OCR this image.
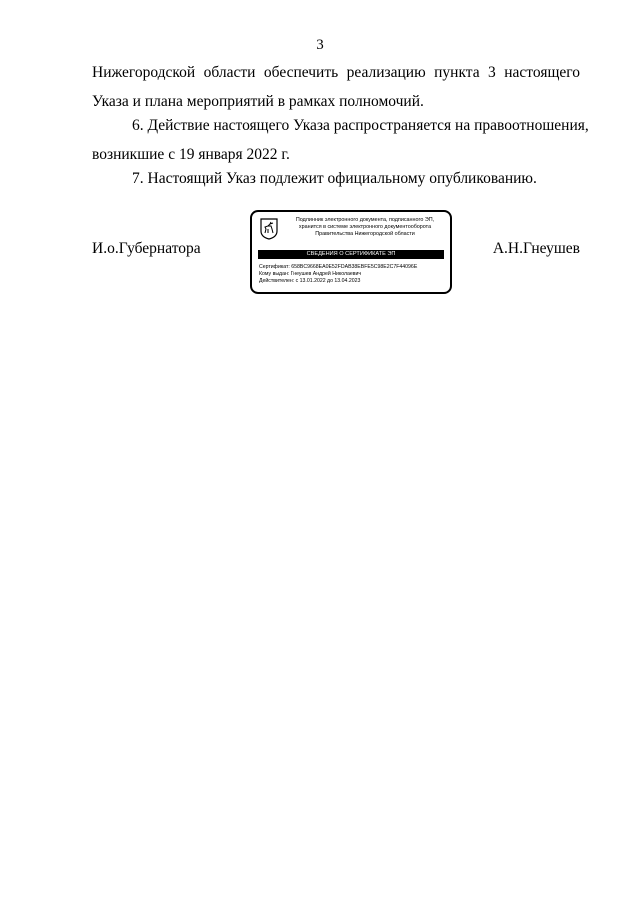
3
Нижегородской области обеспечить реализацию пункта 3 настоящего
Указа и плана мероприятий в рамках полномочий.
6. Действие настоящего Указа распространяется на правоотношения,
возникшие с 19 января 2022 г.
7. Настоящий Указ подлежит официальному опубликованию.
И.о.Губернатора	А.Н.Гнеушев
Подлинник электронного документа, подписанного ЭП,
хранится в системе электронного документооборота
Правительства Нижегородской области
СВЕДЕНИЯ О СЕРТИФИКАТЕ ЭП
Сертификат: 658BC9668EA0E52FDAB38EBFE5C98E2C7F44096E
Кому выдан: Гнеушев Андрей Николаевич
Действителен: с 13.01.2022 до 13.04.2023
